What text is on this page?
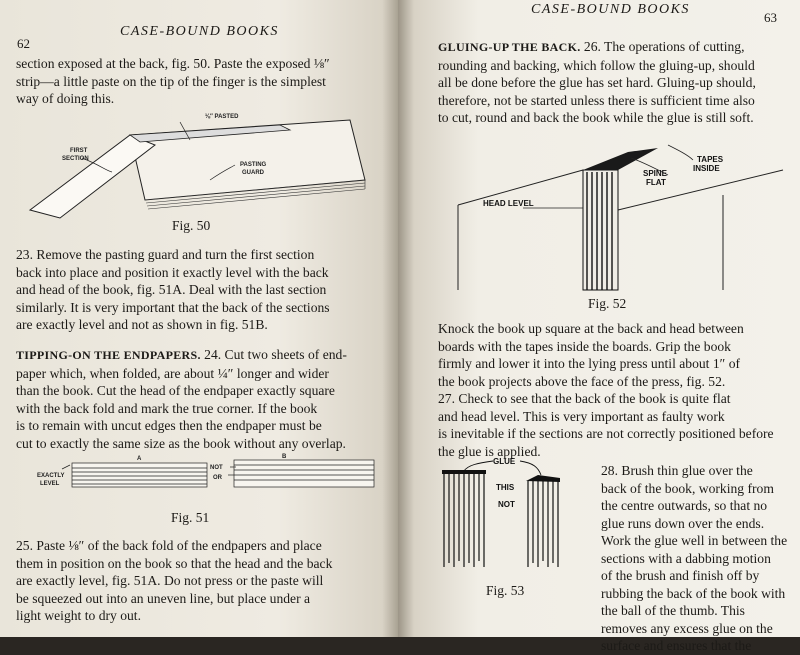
62
CASE-BOUND BOOKS
section exposed at the back, fig. 50. Paste the exposed ⅛″
strip—a little paste on the tip of the finger is the simplest
way of doing this.
⅛″ PASTED
FIRST
SECTION
PASTING
GUARD
Fig. 50
23. Remove the pasting guard and turn the first section
back into place and position it exactly level with the back
and head of the book, fig. 51A. Deal with the last section
similarly. It is very important that the back of the sections
are exactly level and not as shown in fig. 51B.
TIPPING-ON THE ENDPAPERS. 24. Cut two sheets of end-
paper which, when folded, are about ¼″ longer and wider
than the book. Cut the head of the endpaper exactly square
with the back fold and mark the true corner. If the book
is to remain with uncut edges then the endpaper must be
cut to exactly the same size as the book without any overlap.
A	B
EXACTLY
LEVEL
NOT
OR
Fig. 51
25. Paste ⅛″ of the back fold of the endpapers and place
them in position on the book so that the head and the back
are exactly level, fig. 51A. Do not press or the paste will
be squeezed out into an uneven line, but place under a
light weight to dry out.
CASE-BOUND BOOKS
63
GLUING-UP THE BACK. 26. The operations of cutting,
rounding and backing, which follow the gluing-up, should
all be done before the glue has set hard. Gluing-up should,
therefore, not be started unless there is sufficient time also
to cut, round and back the book while the glue is still soft.
HEAD LEVEL
SPINE
FLAT
TAPES
INSIDE
Fig. 52
Knock the book up square at the back and head between
boards with the tapes inside the boards. Grip the book
firmly and lower it into the lying press until about 1″ of
the book projects above the face of the press, fig. 52.
27. Check to see that the back of the book is quite flat
and head level. This is very important as faulty work
is inevitable if the sections are not correctly positioned before
the glue is applied.
GLUE
THIS
NOT
Fig. 53
28. Brush thin glue over the
back of the book, working from
the centre outwards, so that no
glue runs down over the ends.
Work the glue well in between the
sections with a dabbing motion
of the brush and finish off by
rubbing the back of the book with
the ball of the thumb. This
removes any excess glue on the
surface and ensures that the
